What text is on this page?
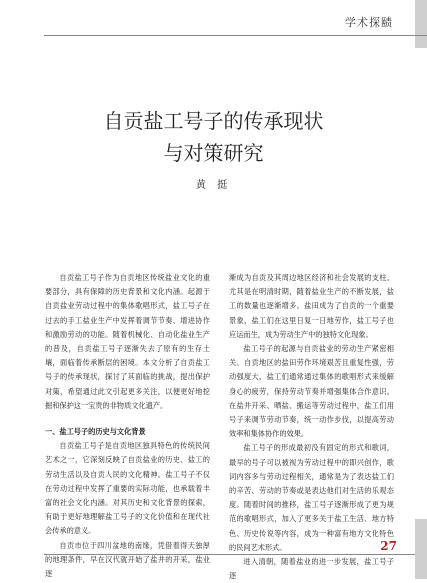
学术探赜
自贡盐工号子的传承现状
与对策研究
黄 挺

自贡盐工号子作为自贡地区传统盐业文化的重要部分，具有保障的历史背景和文化内涵。起源于自贡盐业劳动过程中的集体歌唱形式，盐工号子在过去的手工盐业生产中发挥着调节节奏、增进协作和激励劳动的功能。随着机械化、自动化盐业生产的普及，自贡盐工号子逐渐失去了原有的生存土壤，面临着传承断层的困境。本文分析了自贡盐工号子的传承现状，探讨了其面临的挑战，提出保护对策，希望通过此文引起更多关注，以便更好地挖掘和保护这一宝贵的非物质文化遗产。

一、盐工号子的历史与文化背景

自贡盐工号子是自贡地区独具特色的传统民间艺术之一，它深刻反映了自贡盐业的历史、盐工的劳动生活以及自贡人民的文化精神。盐工号子不仅在劳动过程中发挥了重要的实际功能，也承载着丰富的社会文化内涵。对其历史和文化背景的探索，有助于更好地理解盐工号子的文化价值和在现代社会传承的意义。

自贡市位于四川盆地的南缘，凭借着得天独厚的地理条件，早在汉代就开始了盐井的开采，盐业逐

渐成为自贡及其周边地区经济和社会发展的支柱。尤其是在明清时期，随着盐业生产的不断发展，盐工的数量也逐渐增多。盐田成为了自贡的一个重要景象，盐工们在这里日复一日地劳作，盐工号子也应运而生，成为劳动生产中的独特文化现象。

盐工号子的起源与自贡盐业的劳动生产紧密相关。自贡地区的盐田劳作环境艰苦且重复性强，劳动强度大，盐工们通常通过集体的歌唱形式来缓解身心的疲劳，保持劳动节奏并增强集体合作意识。在盐井开采、晒盐、搬运等劳动过程中，盐工们用号子来调节劳动节奏，统一动作步伐，以提高劳动效率和集体协作的效果。

盐工号子的形成最初没有固定的形式和歌词，最早的号子可以被视为劳动过程中的即兴创作，歌词内容多与劳动过程相关，通常是为了表达盐工们的辛苦、劳动的节奏或是表达他们对生活的乐观态度。随着时间的推移，盐工号子逐渐形成了更为规范的歌唱形式，加入了更多关于盐工生活、地方特色、历史传说等内容，成为一种富有地方文化特色的民间艺术形式。

进入清朝，随着盐业的进一步发展，盐工号子逐

27
